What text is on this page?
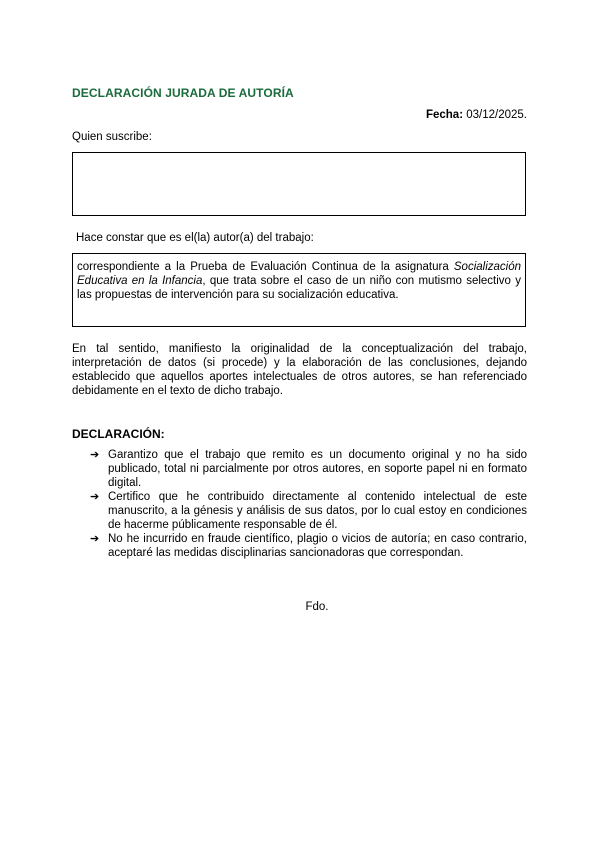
DECLARACIÓN JURADA DE AUTORÍA
Fecha: 03/12/2025.
Quien suscribe:
Hace constar que es el(la) autor(a) del trabajo:
correspondiente a la Prueba de Evaluación Continua de la asignatura Socialización Educativa en la Infancia, que trata sobre el caso de un niño con mutismo selectivo y las propuestas de intervención para su socialización educativa.
En tal sentido, manifiesto la originalidad de la conceptualización del trabajo, interpretación de datos (si procede) y la elaboración de las conclusiones, dejando establecido que aquellos aportes intelectuales de otros autores, se han referenciado debidamente en el texto de dicho trabajo.
DECLARACIÓN:
➔ Garantizo que el trabajo que remito es un documento original y no ha sido publicado, total ni parcialmente por otros autores, en soporte papel ni en formato digital.
➔ Certifico que he contribuido directamente al contenido intelectual de este manuscrito, a la génesis y análisis de sus datos, por lo cual estoy en condiciones de hacerme públicamente responsable de él.
➔ No he incurrido en fraude científico, plagio o vicios de autoría; en caso contrario, aceptaré las medidas disciplinarias sancionadoras que correspondan.
Fdo.
